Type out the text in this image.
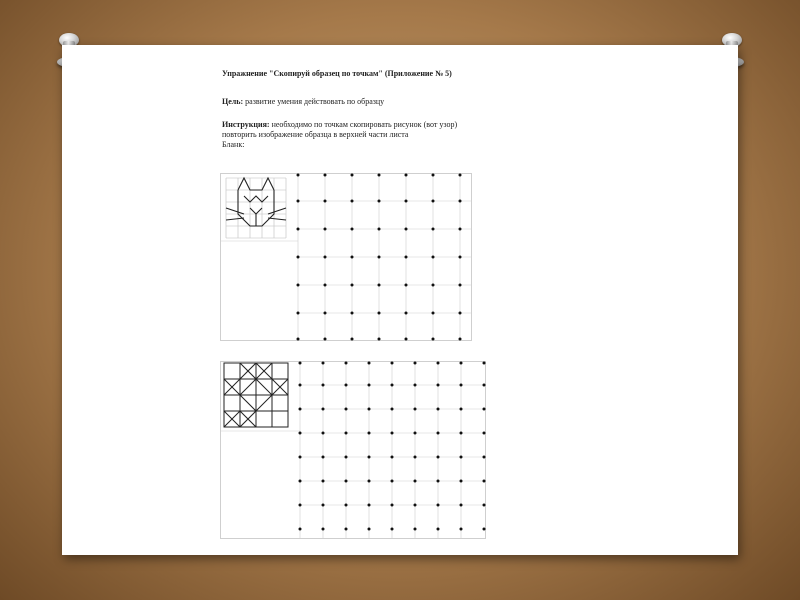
Упражнение "Скопируй образец по точкам" (Приложение № 5)
Цель: развитие умения действовать по образцу
Инструкция: необходимо по точкам скопировать рисунок (вот узор)
повторить изображение образца в верхней части листа
Бланк:
